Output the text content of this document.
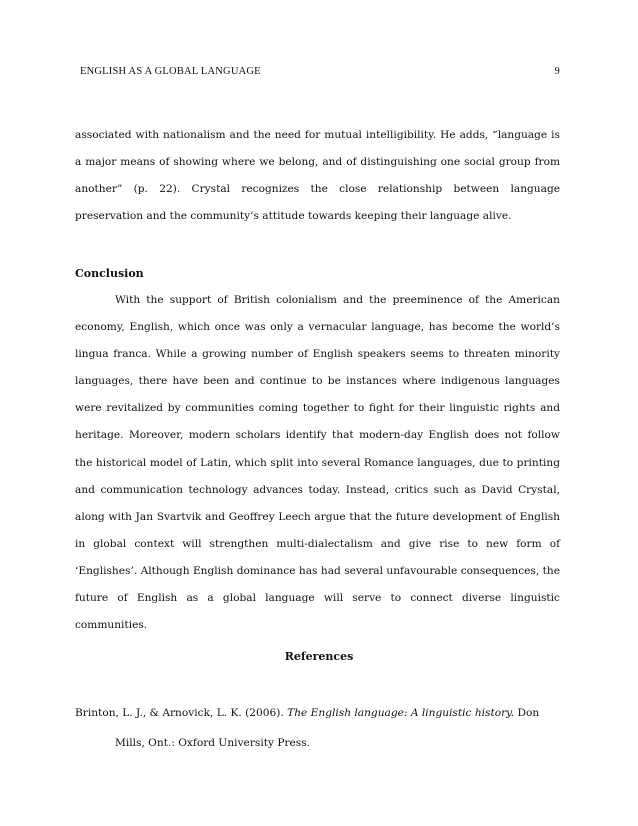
ENGLISH AS A GLOBAL LANGUAGE	9

associated with nationalism and the need for mutual intelligibility. He adds, “language is a major means of showing where we belong, and of distinguishing one social group from another” (p. 22). Crystal recognizes the close relationship between language preservation and the community’s attitude towards keeping their language alive.

Conclusion

With the support of British colonialism and the preeminence of the American economy, English, which once was only a vernacular language, has become the world’s lingua franca. While a growing number of English speakers seems to threaten minority languages, there have been and continue to be instances where indigenous languages were revitalized by communities coming together to fight for their linguistic rights and heritage. Moreover, modern scholars identify that modern-day English does not follow the historical model of Latin, which split into several Romance languages, due to printing and communication technology advances today. Instead, critics such as David Crystal, along with Jan Svartvik and Geoffrey Leech argue that the future development of English in global context will strengthen multi-dialectalism and give rise to new form of ‘Englishes’. Although English dominance has had several unfavourable consequences, the future of English as a global language will serve to connect diverse linguistic communities.

References
Brinton, L. J., & Arnovick, L. K. (2006). The English language: A linguistic history. Don Mills, Ont.: Oxford University Press.
